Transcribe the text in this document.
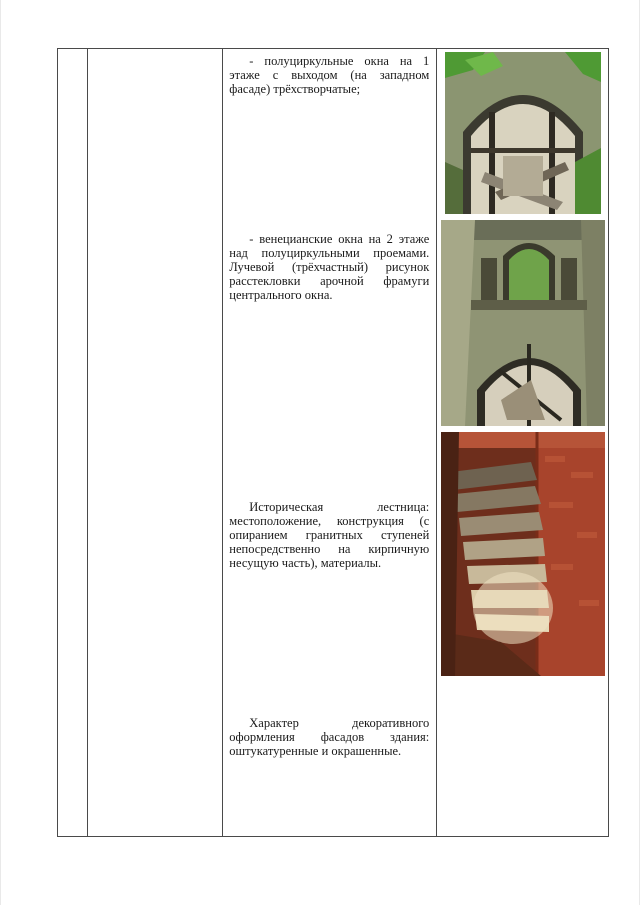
- полуциркульные окна на 1 этаже с выходом (на западном фасаде) трёхстворчатые;

- венецианские окна на 2 этаже над полуциркульными проемами. Лучевой (трёхчастный) рисунок расстекловки арочной фрамуги центрального окна.

Историческая лестница: местоположение, конструкция (с опиранием гранитных ступеней непосредственно на кирпичную несущую часть), материалы.

Характер декоративного оформления фасадов здания: оштукатуренные и окрашенные.
